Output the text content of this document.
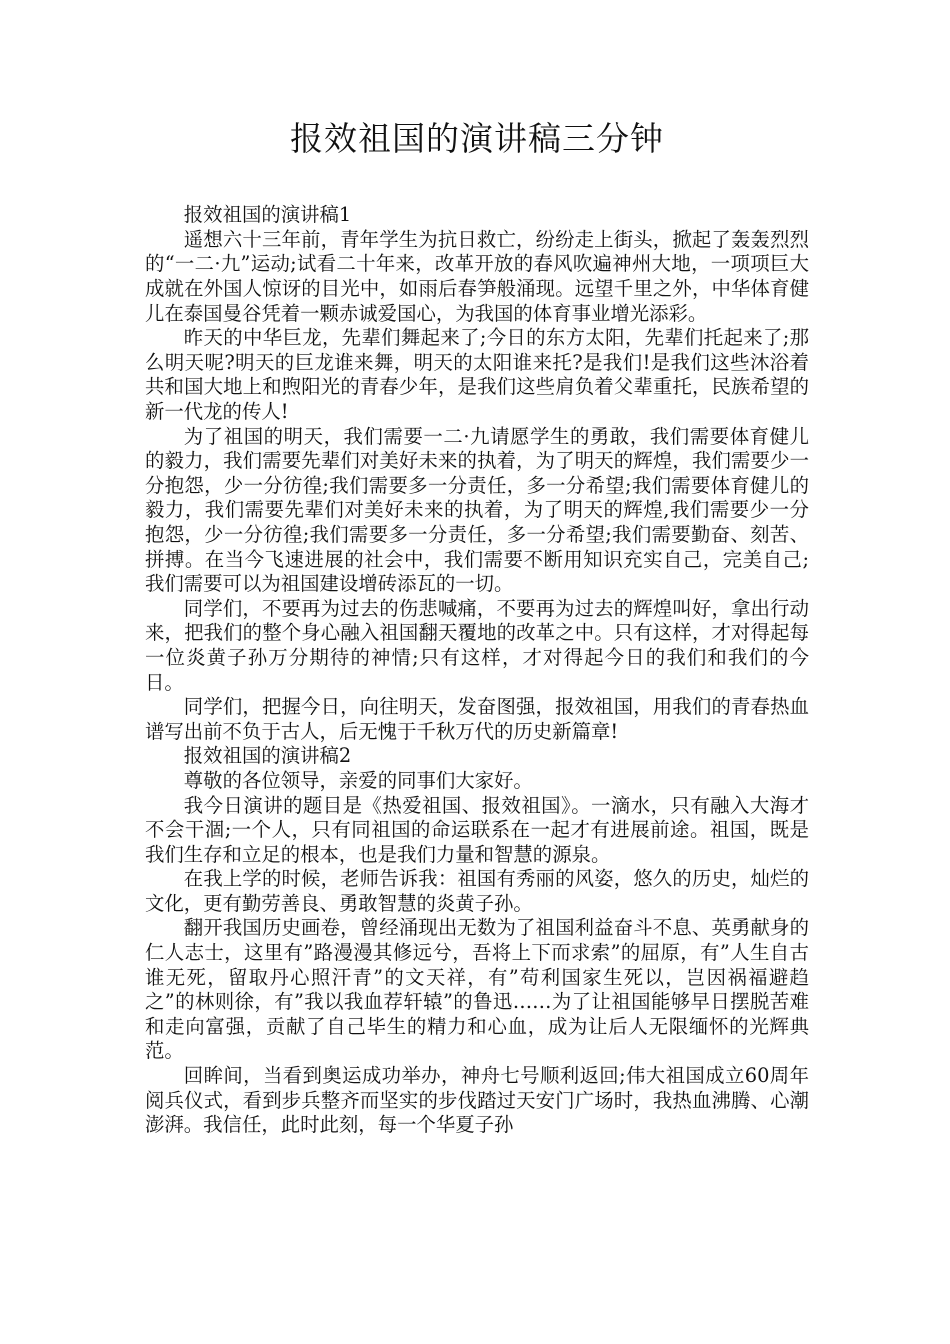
报效祖国的演讲稿三分钟

报效祖国的演讲稿1

遥想六十三年前，青年学生为抗日救亡，纷纷走上街头，掀起了轰轰烈烈的“一二·九”运动;试看二十年来，改革开放的春风吹遍神州大地，一项项巨大成就在外国人惊讶的目光中，如雨后春笋般涌现。远望千里之外，中华体育健儿在泰国曼谷凭着一颗赤诚爱国心，为我国的体育事业增光添彩。

昨天的中华巨龙，先辈们舞起来了;今日的东方太阳，先辈们托起来了;那么明天呢?明天的巨龙谁来舞，明天的太阳谁来托?是我们!是我们这些沐浴着共和国大地上和煦阳光的青春少年，是我们这些肩负着父辈重托，民族希望的新一代龙的传人!

为了祖国的明天，我们需要一二·九请愿学生的勇敢，我们需要体育健儿的毅力，我们需要先辈们对美好未来的执着，为了明天的辉煌，我们需要少一分抱怨，少一分彷徨;我们需要多一分责任，多一分希望;我们需要体育健儿的毅力，我们需要先辈们对美好未来的执着，为了明天的辉煌,我们需要少一分抱怨，少一分彷徨;我们需要多一分责任，多一分希望;我们需要勤奋、刻苦、拼搏。在当今飞速进展的社会中，我们需要不断用知识充实自己，完美自己;我们需要可以为祖国建设增砖添瓦的一切。

同学们，不要再为过去的伤悲喊痛，不要再为过去的辉煌叫好，拿出行动来，把我们的整个身心融入祖国翻天覆地的改革之中。只有这样，才对得起每一位炎黄子孙万分期待的神情;只有这样，才对得起今日的我们和我们的今日。

同学们，把握今日，向往明天，发奋图强，报效祖国，用我们的青春热血谱写出前不负于古人，后无愧于千秋万代的历史新篇章!

报效祖国的演讲稿2

尊敬的各位领导，亲爱的同事们大家好。

我今日演讲的题目是《热爱祖国、报效祖国》。一滴水，只有融入大海才不会干涸;一个人，只有同祖国的命运联系在一起才有进展前途。祖国，既是我们生存和立足的根本，也是我们力量和智慧的源泉。

在我上学的时候，老师告诉我：祖国有秀丽的风姿，悠久的历史，灿烂的文化，更有勤劳善良、勇敢智慧的炎黄子孙。

翻开我国历史画卷，曾经涌现出无数为了祖国利益奋斗不息、英勇献身的仁人志士，这里有”路漫漫其修远兮，吾将上下而求索”的屈原，有”人生自古谁无死，留取丹心照汗青”的文天祥，有”苟利国家生死以，岂因祸福避趋之”的林则徐，有”我以我血荐轩辕”的鲁迅……为了让祖国能够早日摆脱苦难和走向富强，贡献了自己毕生的精力和心血，成为让后人无限缅怀的光辉典范。

回眸间，当看到奥运成功举办，神舟七号顺利返回;伟大祖国成立60周年阅兵仪式，看到步兵整齐而坚实的步伐踏过天安门广场时，我热血沸腾、心潮澎湃。我信任，此时此刻，每一个华夏子孙
